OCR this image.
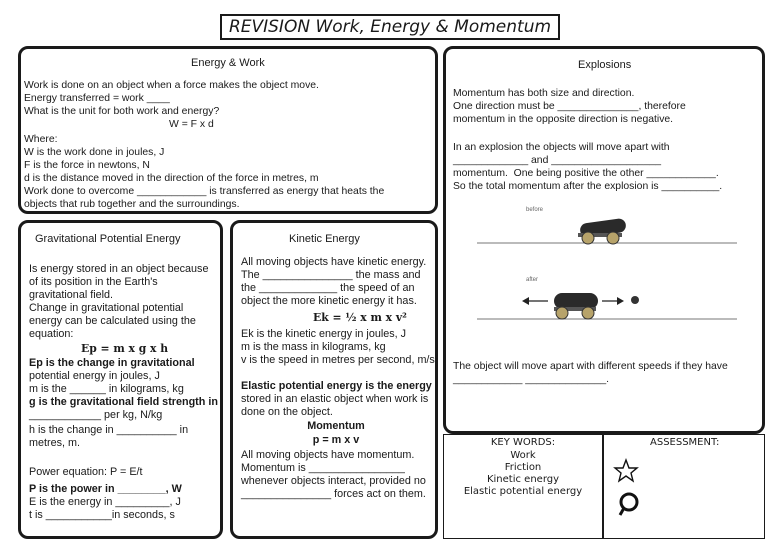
REVISION Work, Energy & Momentum
Energy & Work
Work is done on an object when a force makes the object move.
Energy transferred = work ____
What is the unit for both work and energy?
W = F x d
Where:
W is the work done in joules, J
F is the force in newtons, N
d is the distance moved in the direction of the force in metres, m
Work done to overcome ____________ is transferred as energy that heats the
objects that rub together and the surroundings.
Explosions
Momentum has both size and direction.
One direction must be ______________, therefore
momentum in the opposite direction is negative.
In an explosion the objects will move apart with
_____________ and ___________________
momentum.  One being positive the other ____________.
So the total momentum after the explosion is __________.
before
after
The object will move apart with different speeds if they have
____________ ______________.
Gravitational Potential Energy
Is energy stored in an object because
of its position in the Earth's
gravitational field.
Change in gravitational potential
energy can be calculated using the
equation:
Ep = m x g x h
Ep is the change in gravitational
potential energy in joules, J
m is the ______ in kilograms, kg
g is the gravitational field strength in
____________ per kg, N/kg
h is the change in __________ in
metres, m.
Power equation: P = E/t
P is the power in ________, W
E is the energy in _________, J
t is ___________in seconds, s
Kinetic Energy
All moving objects have kinetic energy.
The _______________ the mass and
the _____________ the speed of an
object the more kinetic energy it has.
Ek = ½ x m x v²
Ek is the kinetic energy in joules, J
m is the mass in kilograms, kg
v is the speed in metres per second, m/s
Elastic potential energy is the energy
stored in an elastic object when work is
done on the object.
Momentum
p = m x v
All moving objects have momentum.
Momentum is ________________
whenever objects interact, provided no
_______________ forces act on them.
KEY WORDS:
Work
Friction
Kinetic energy
Elastic potential energy
ASSESSMENT:
